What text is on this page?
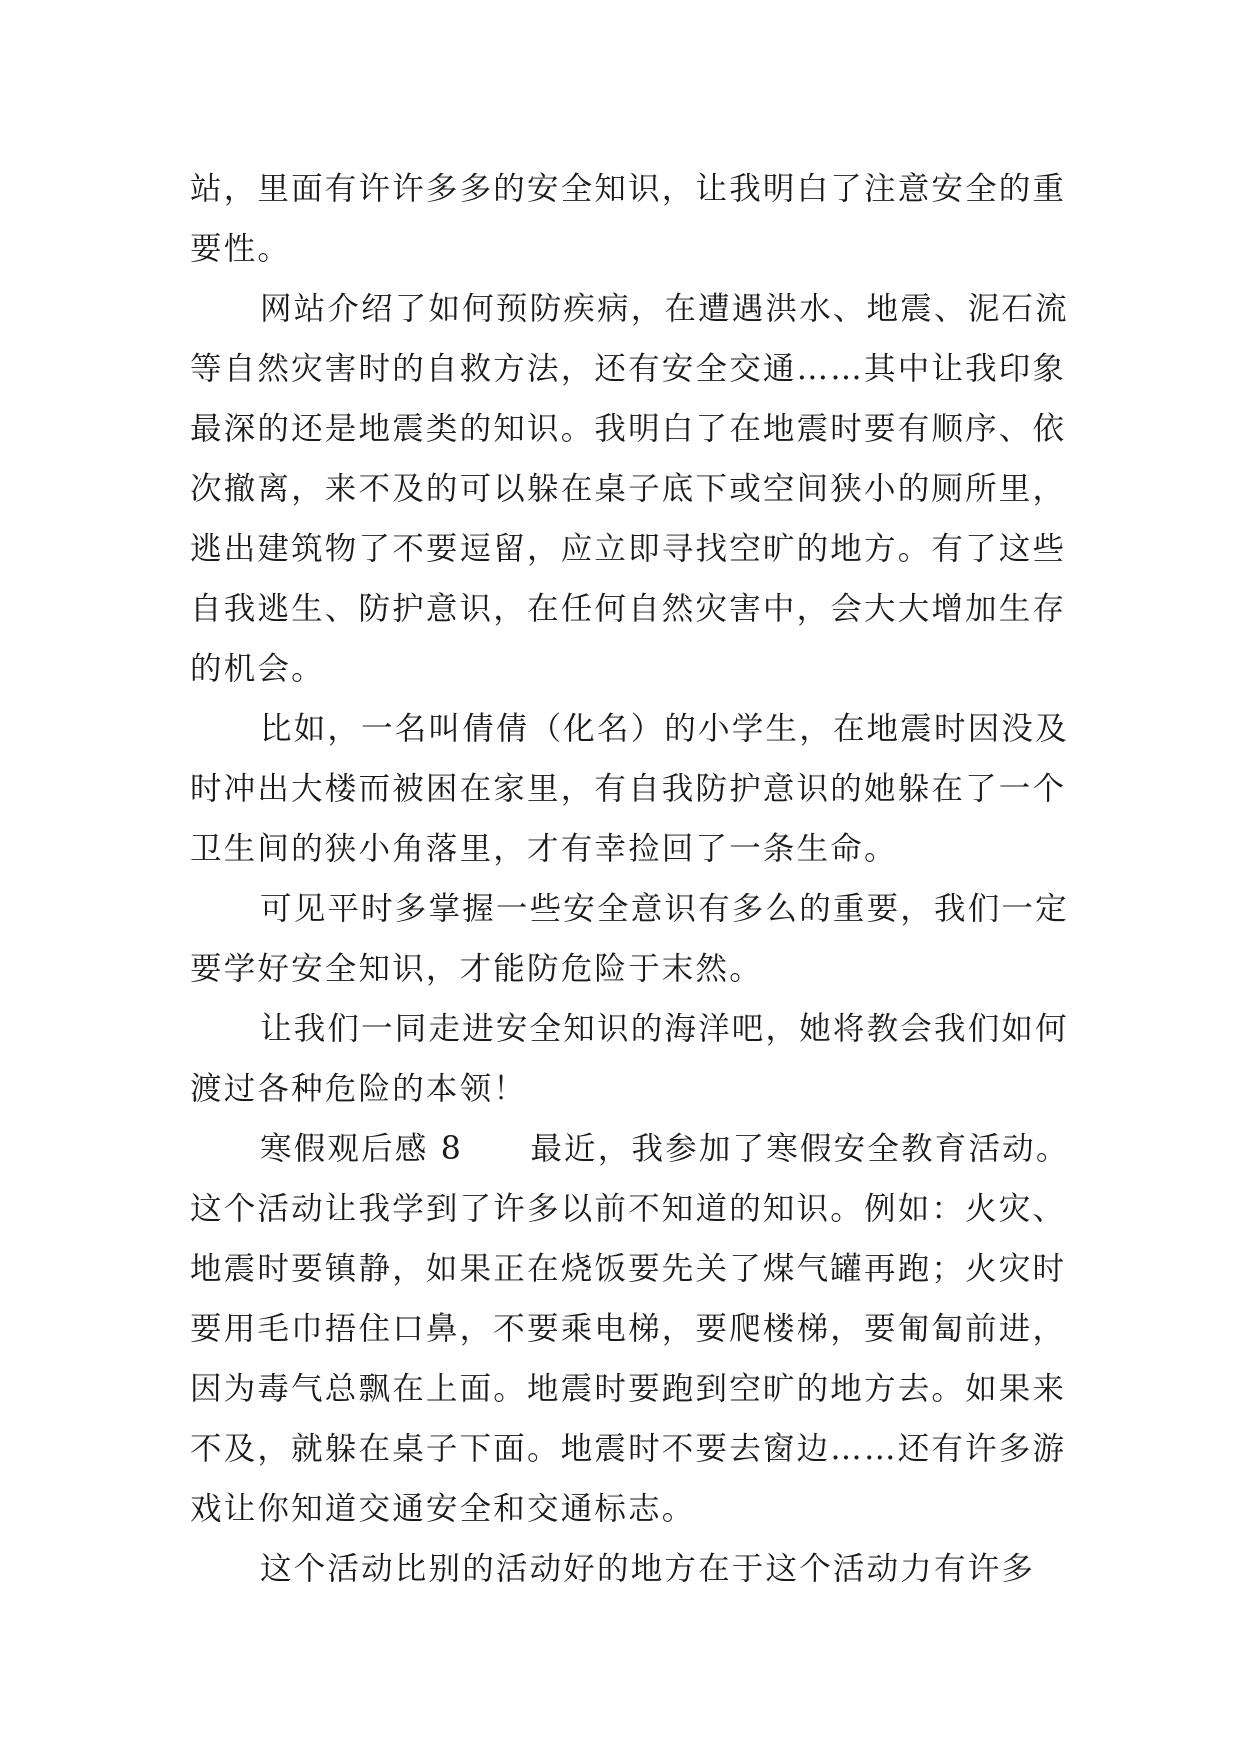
站，里面有许许多多的安全知识，让我明白了注意安全的重
要性。
网站介绍了如何预防疾病，在遭遇洪水、地震、泥石流
等自然灾害时的自救方法，还有安全交通……其中让我印象
最深的还是地震类的知识。我明白了在地震时要有顺序、依
次撤离，来不及的可以躲在桌子底下或空间狭小的厕所里，
逃出建筑物了不要逗留，应立即寻找空旷的地方。有了这些
自我逃生、防护意识，在任何自然灾害中，会大大增加生存
的机会。
比如，一名叫倩倩（化名）的小学生，在地震时因没及
时冲出大楼而被困在家里，有自我防护意识的她躲在了一个
卫生间的狭小角落里，才有幸捡回了一条生命。
可见平时多掌握一些安全意识有多么的重要，我们一定
要学好安全知识，才能防危险于末然。
让我们一同走进安全知识的海洋吧，她将教会我们如何
渡过各种危险的本领！
寒假观后感 8　　最近，我参加了寒假安全教育活动。
这个活动让我学到了许多以前不知道的知识。例如：火灾、
地震时要镇静，如果正在烧饭要先关了煤气罐再跑；火灾时
要用毛巾捂住口鼻，不要乘电梯，要爬楼梯，要匍匐前进，
因为毒气总飘在上面。地震时要跑到空旷的地方去。如果来
不及，就躲在桌子下面。地震时不要去窗边……还有许多游
戏让你知道交通安全和交通标志。
这个活动比别的活动好的地方在于这个活动力有许多
